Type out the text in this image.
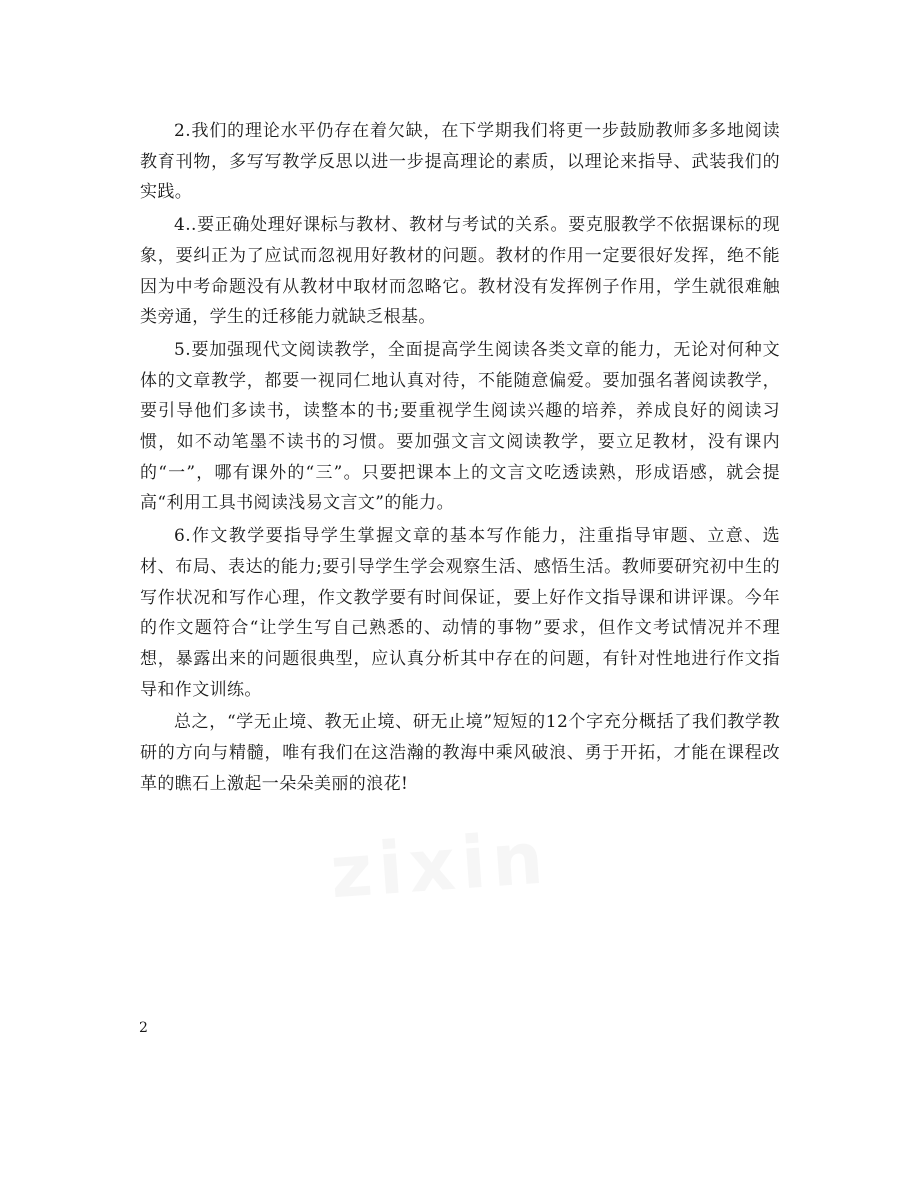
2.我们的理论水平仍存在着欠缺，在下学期我们将更一步鼓励教师多多地阅读教育刊物，多写写教学反思以进一步提高理论的素质，以理论来指导、武装我们的实践。

4..要正确处理好课标与教材、教材与考试的关系。要克服教学不依据课标的现象，要纠正为了应试而忽视用好教材的问题。教材的作用一定要很好发挥，绝不能因为中考命题没有从教材中取材而忽略它。教材没有发挥例子作用，学生就很难触类旁通，学生的迁移能力就缺乏根基。

5.要加强现代文阅读教学，全面提高学生阅读各类文章的能力，无论对何种文体的文章教学，都要一视同仁地认真对待，不能随意偏爱。要加强名著阅读教学，要引导他们多读书，读整本的书;要重视学生阅读兴趣的培养，养成良好的阅读习惯，如不动笔墨不读书的习惯。要加强文言文阅读教学，要立足教材，没有课内的“一”，哪有课外的“三”。只要把课本上的文言文吃透读熟，形成语感，就会提高“利用工具书阅读浅易文言文”的能力。

6.作文教学要指导学生掌握文章的基本写作能力，注重指导审题、立意、选材、布局、表达的能力;要引导学生学会观察生活、感悟生活。教师要研究初中生的写作状况和写作心理，作文教学要有时间保证，要上好作文指导课和讲评课。今年的作文题符合“让学生写自己熟悉的、动情的事物”要求，但作文考试情况并不理想，暴露出来的问题很典型，应认真分析其中存在的问题，有针对性地进行作文指导和作文训练。

总之，“学无止境、教无止境、研无止境”短短的12个字充分概括了我们教学教研的方向与精髓，唯有我们在这浩瀚的教海中乘风破浪、勇于开拓，才能在课程改革的瞧石上激起一朵朵美丽的浪花!

2
